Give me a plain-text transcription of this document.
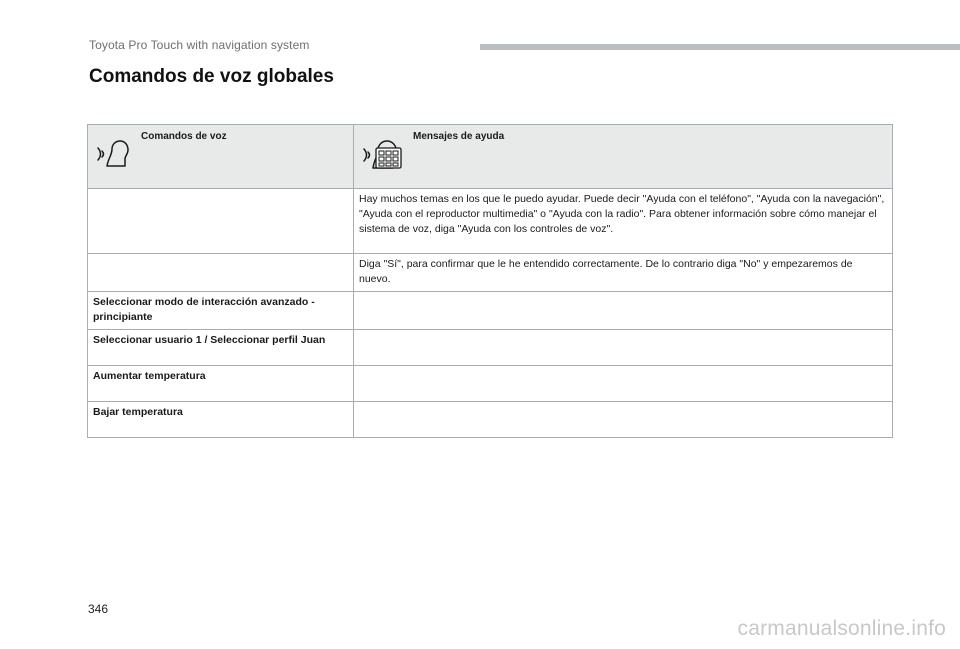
Toyota Pro Touch with navigation system
Comandos de voz globales
Comandos de voz	Mensajes de ayuda

	Hay muchos temas en los que le puedo ayudar. Puede decir "Ayuda con el teléfono", "Ayuda con la navegación", "Ayuda con el reproductor multimedia" o "Ayuda con la radio". Para obtener información sobre cómo manejar el sistema de voz, diga "Ayuda con los controles de voz".
	Diga "Sí", para confirmar que le he entendido correctamente. De lo contrario diga "No" y empezaremos de nuevo.
Seleccionar modo de interacción avanzado - principiante	
Seleccionar usuario 1 / Seleccionar perfil Juan	
Aumentar temperatura	
Bajar temperatura	
346
carmanualsonline.info
